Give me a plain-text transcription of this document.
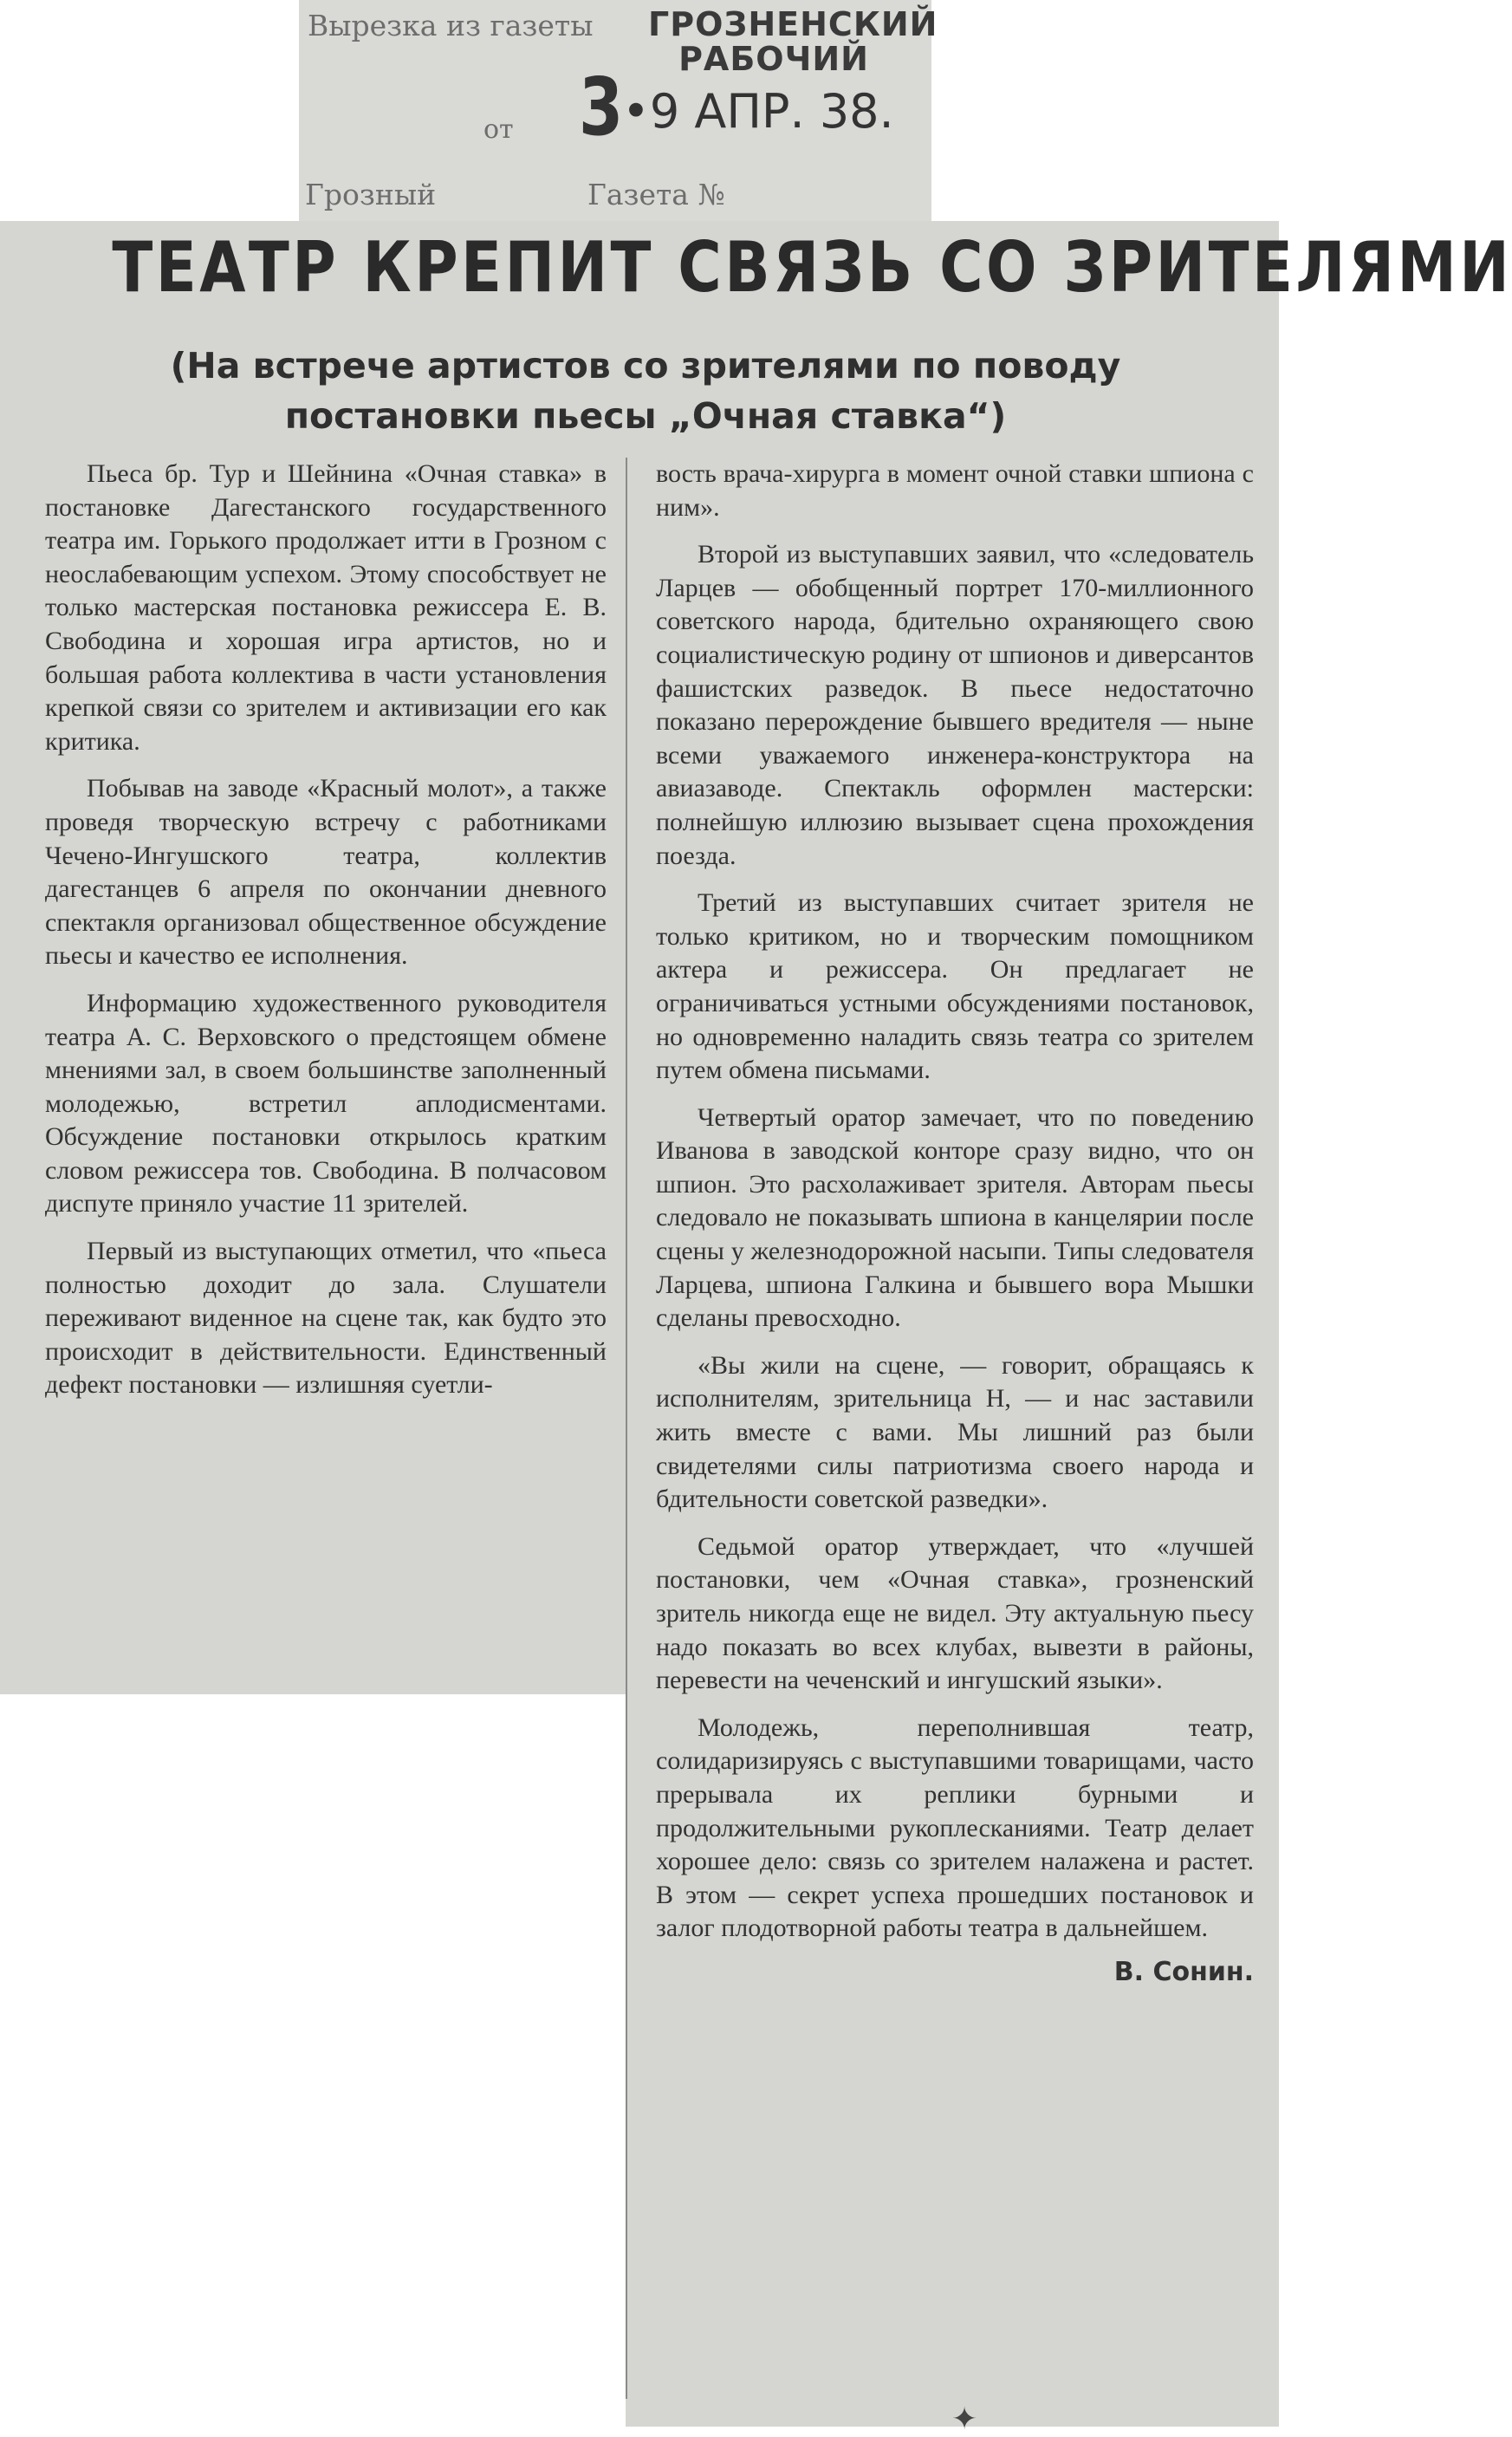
Вырезка из газеты
от
Грозный	Газета №
ГРОЗНЕНСКИЙ
РАБОЧИЙ
3•9 АПР. 38.
ТЕАТР КРЕПИТ СВЯЗЬ СО ЗРИТЕЛЯМИ
(На встрече артистов со зрителями по поводу постановки пьесы „Очная ставка“)

Пьеса бр. Тур и Шейнина «Очная ставка» в постановке Дагестанского государственного театра им. Горького продолжает итти в Грозном с неослабевающим успехом. Этому способствует не только мастерская постановка режиссера Е. В. Свободина и хорошая игра артистов, но и большая работа коллектива в части установления крепкой связи со зрителем и активизации его как критика.

Побывав на заводе «Красный молот», а также проведя творческую встречу с работниками Чечено-Ингушского театра, коллектив дагестанцев 6 апреля по окончании дневного спектакля организовал общественное обсуждение пьесы и качество ее исполнения.

Информацию художественного руководителя театра А. С. Верховского о предстоящем обмене мнениями зал, в своем большинстве заполненный молодежью, встретил аплодисментами. Обсуждение постановки открылось кратким словом режиссера тов. Свободина. В полчасовом диспуте приняло участие 11 зрителей.

Первый из выступающих отметил, что «пьеса полностью доходит до зала. Слушатели переживают виденное на сцене так, как будто это происходит в действительности. Единственный дефект постановки — излишняя суетли-

вость врача-хирурга в момент очной ставки шпиона с ним».

Второй из выступавших заявил, что «следователь Ларцев — обобщенный портрет 170-миллионного советского народа, бдительно охраняющего свою социалистическую родину от шпионов и диверсантов фашистских разведок. В пьесе недостаточно показано перерождение бывшего вредителя — ныне всеми уважаемого инженера-конструктора на авиазаводе. Спектакль оформлен мастерски: полнейшую иллюзию вызывает сцена прохождения поезда.

Третий из выступавших считает зрителя не только критиком, но и творческим помощником актера и режиссера. Он предлагает не ограничиваться устными обсуждениями постановок, но одновременно наладить связь театра со зрителем путем обмена письмами.

Четвертый оратор замечает, что по поведению Иванова в заводской конторе сразу видно, что он шпион. Это расхолаживает зрителя. Авторам пьесы следовало не показывать шпиона в канцелярии после сцены у железнодорожной насыпи. Типы следователя Ларцева, шпиона Галкина и бывшего вора Мышки сделаны превосходно.

«Вы жили на сцене, — говорит, обращаясь к исполнителям, зрительница Н, — и нас заставили жить вместе с вами. Мы лишний раз были свидетелями силы патриотизма своего народа и бдительности советской разведки».

Седьмой оратор утверждает, что «лучшей постановки, чем «Очная ставка», грозненский зритель никогда еще не видел. Эту актуальную пьесу надо показать во всех клубах, вывезти в районы, перевести на чеченский и ингушский языки».

Молодежь, переполнившая театр, солидаризируясь с выступавшими товарищами, часто прерывала их реплики бурными и продолжительными рукоплесканиями. Театр делает хорошее дело: связь со зрителем налажена и растет. В этом — секрет успеха прошедших постановок и залог плодотворной работы театра в дальнейшем.

В. Сонин.
✦
